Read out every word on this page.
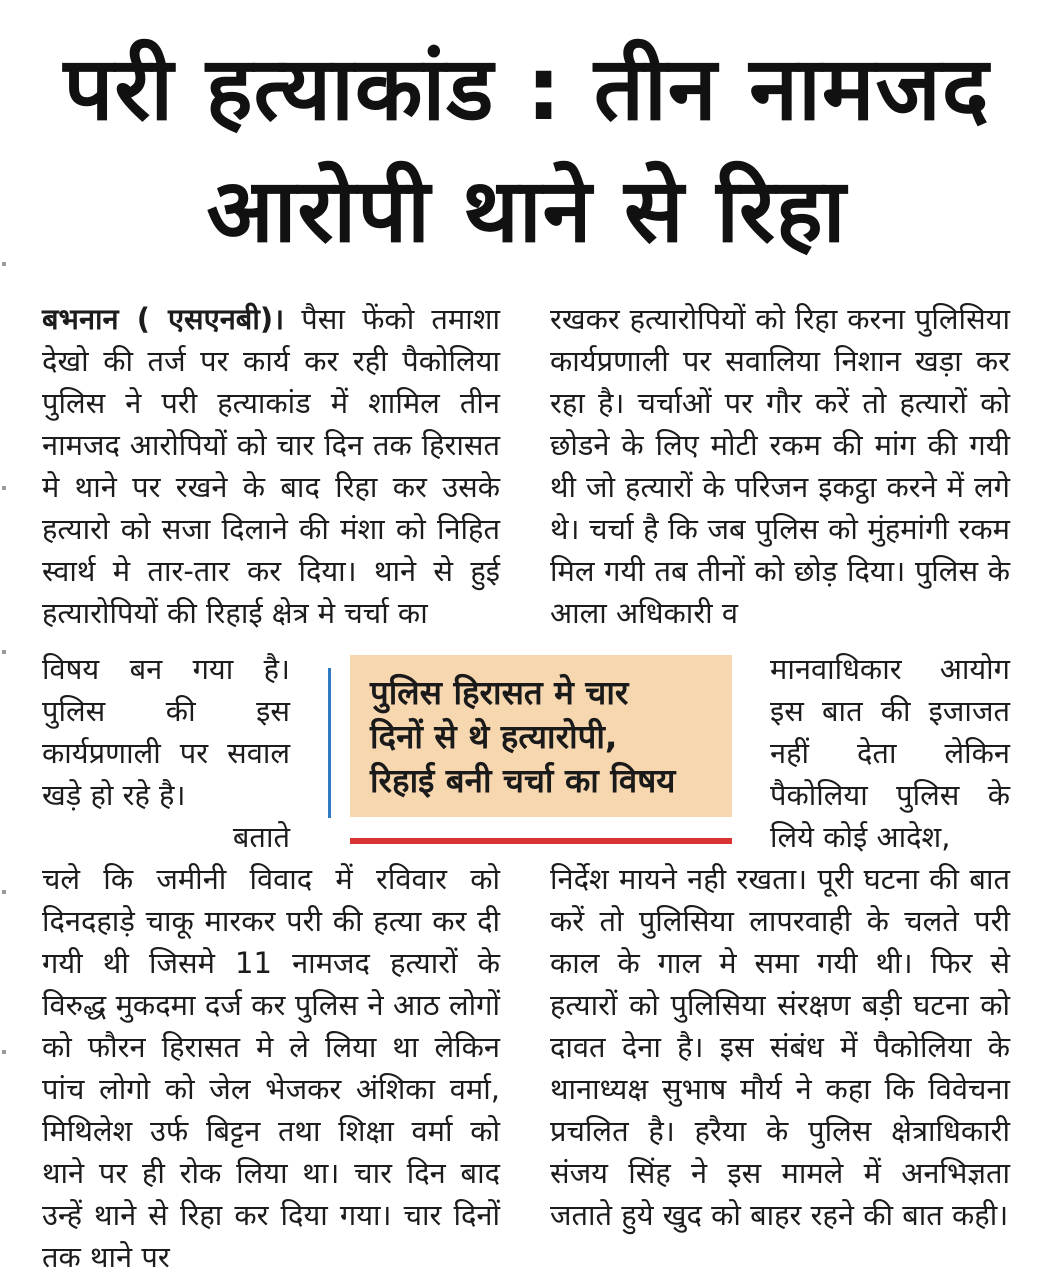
परी हत्याकांड : तीन नामजद
आरोपी थाने से रिहा

बभनान ( एसएनबी)। पैसा फेंको तमाशा देखो की तर्ज पर कार्य कर रही पैकोलिया पुलिस ने परी हत्याकांड में शामिल तीन नामजद आरोपियों को चार दिन तक हिरासत मे थाने पर रखने के बाद रिहा कर उसके हत्यारो को सजा दिलाने की मंशा को निहित स्वार्थ मे तार-तार कर दिया। थाने से हुई हत्यारोपियों की रिहाई क्षेत्र मे चर्चा का

विषय बन गया है। पुलिस की इस कार्यप्रणाली पर सवाल खड़े हो रहे है।

बताते

चले कि जमीनी विवाद में रविवार को दिनदहाड़े चाकू मारकर परी की हत्या कर दी गयी थी जिसमे 11 नामजद हत्यारों के विरुद्ध मुकदमा दर्ज कर पुलिस ने आठ लोगों को फौरन हिरासत मे ले लिया था लेकिन पांच लोगो को जेल भेजकर अंशिका वर्मा, मिथिलेश उर्फ बिट्टन तथा शिक्षा वर्मा को थाने पर ही रोक लिया था। चार दिन बाद उन्हें थाने से रिहा कर दिया गया। चार दिनों तक थाने पर

रखकर हत्यारोपियों को रिहा करना पुलिसिया कार्यप्रणाली पर सवालिया निशान खड़ा कर रहा है। चर्चाओं पर गौर करें तो हत्यारों को छोडने के लिए मोटी रकम की मांग की गयी थी जो हत्यारों के परिजन इकट्ठा करने में लगे थे। चर्चा है कि जब पुलिस को मुंहमांगी रकम मिल गयी तब तीनों को छोड़ दिया। पुलिस के आला अधिकारी व

मानवाधिकार आयोग इस बात की इजाजत नहीं देता लेकिन पैकोलिया पुलिस के लिये कोई आदेश,

निर्देश मायने नही रखता। पूरी घटना की बात करें तो पुलिसिया लापरवाही के चलते परी काल के गाल मे समा गयी थी। फिर से हत्यारों को पुलिसिया संरक्षण बड़ी घटना को दावत देना है। इस संबंध में पैकोलिया के थानाध्यक्ष सुभाष मौर्य ने कहा कि विवेचना प्रचलित है। हरैया के पुलिस क्षेत्राधिकारी संजय सिंह ने इस मामले में अनभिज्ञता जताते हुये खुद को बाहर रहने की बात कही।

पुलिस हिरासत मे चार
दिनों से थे हत्यारोपी,
रिहाई बनी चर्चा का विषय
